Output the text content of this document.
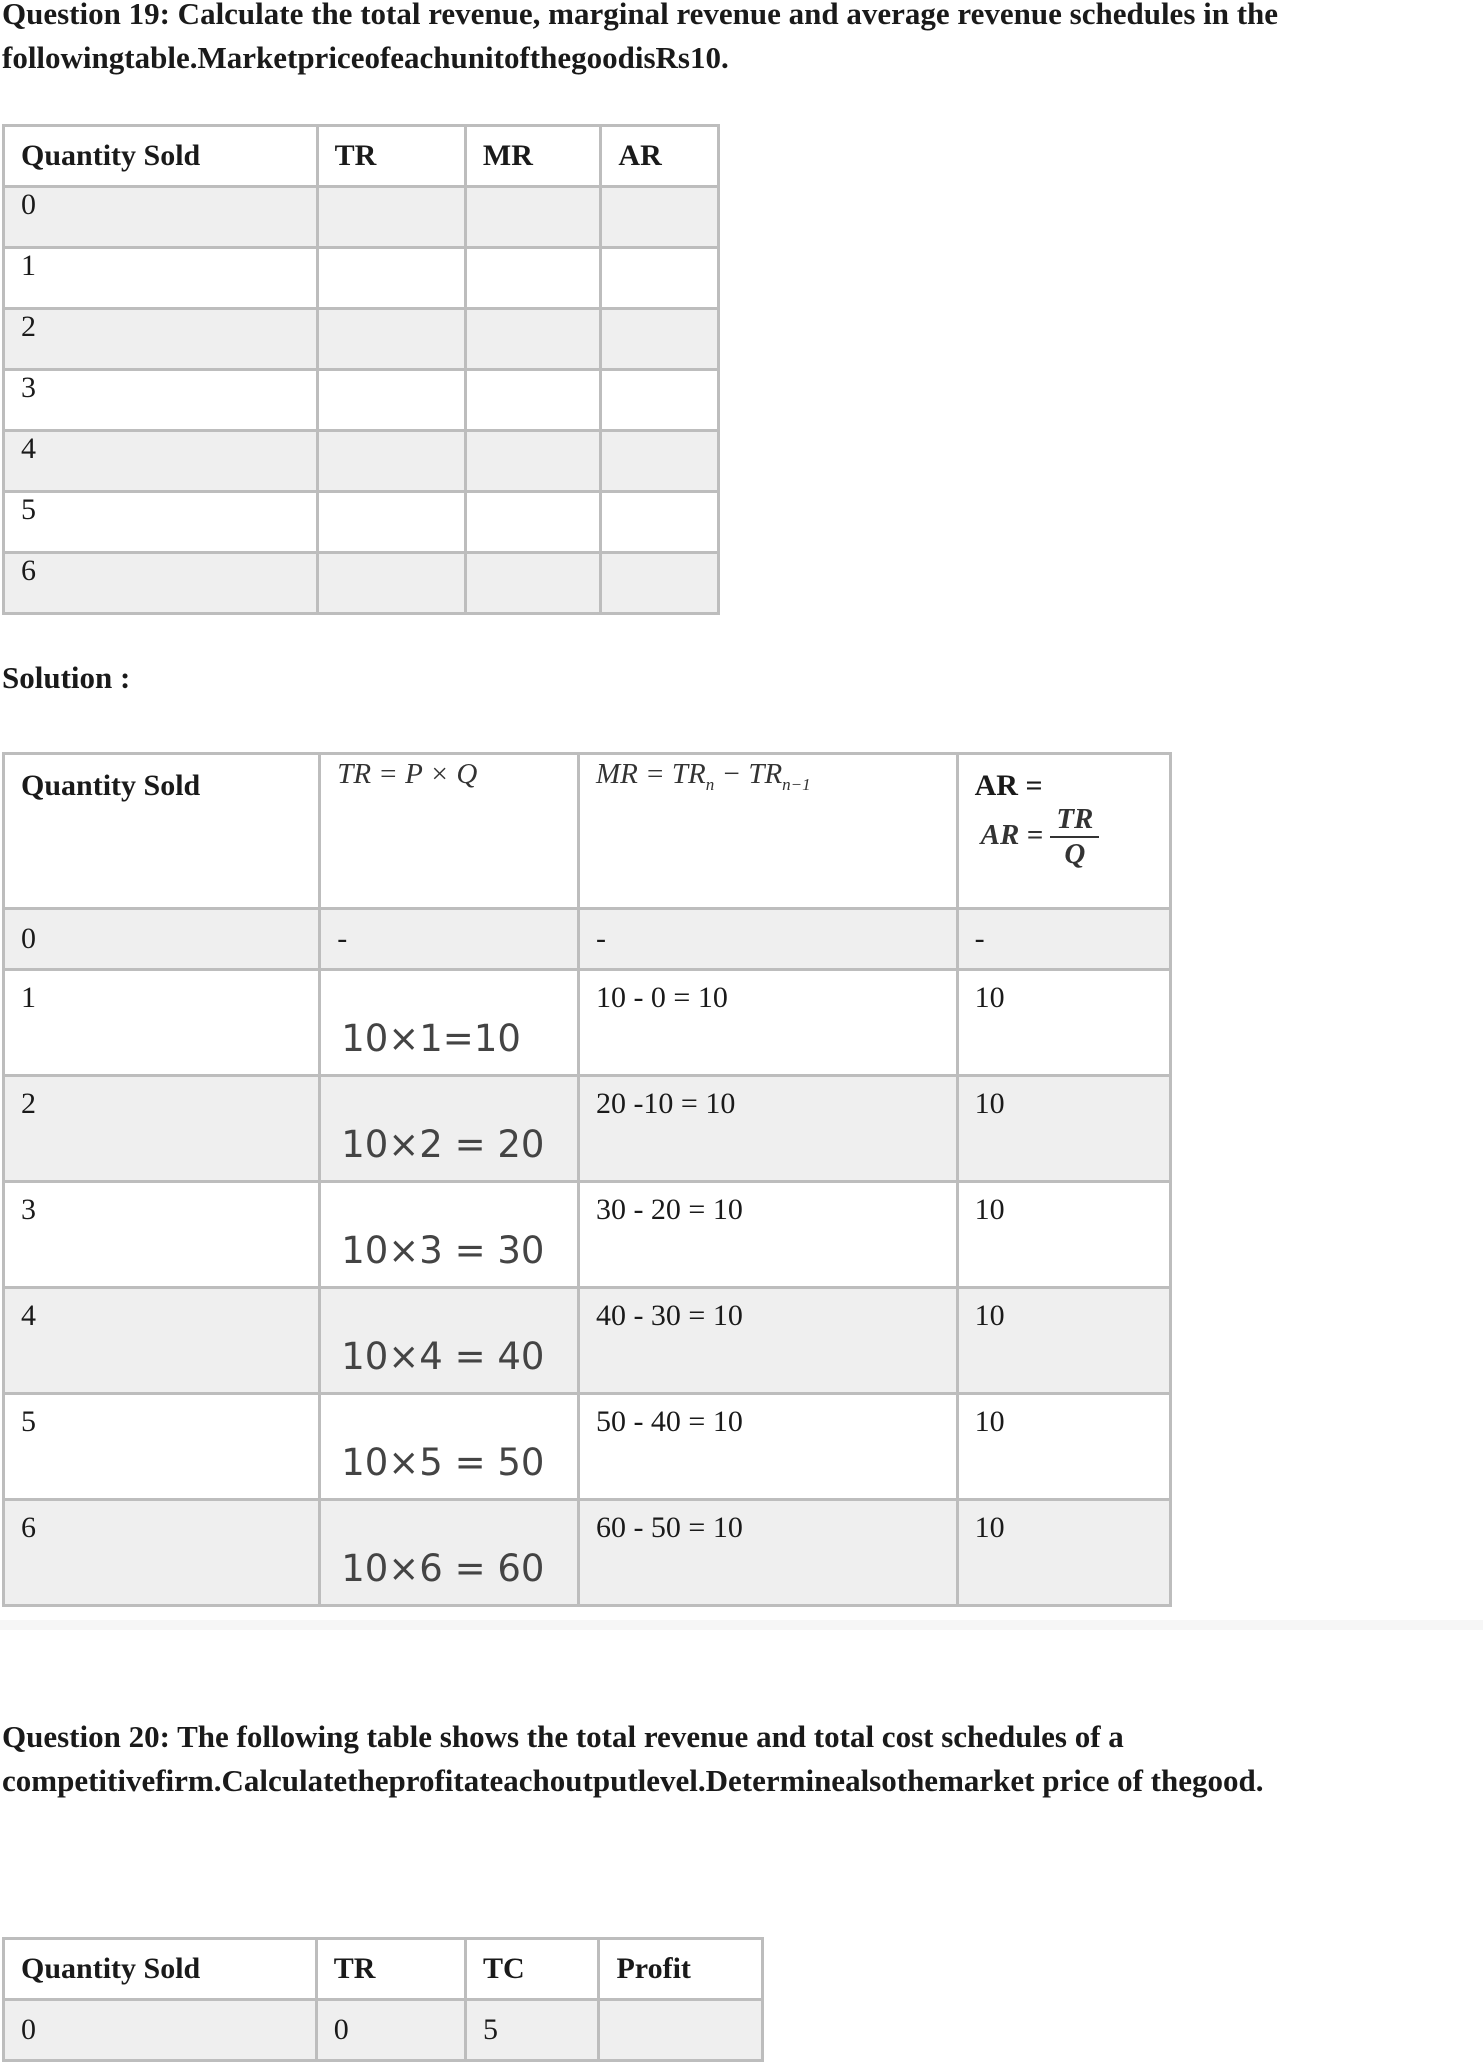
Question 19: Calculate the total revenue, marginal revenue and average revenue schedules in the
followingtable.MarketpriceofeachunitofthegoodisRs10.

Quantity Sold	TR	MR	AR
0			
1			
2			
3			
4			
5			
6			

Solution :

Quantity Sold	TR = P × Q	MR = $TR_n - TR_{n-1}$	AR =
AR = $\frac{TR}{Q}$

0	-	-	-
1	10×1=10	10 - 0 = 10	10
2	10×2 = 20	20 -10 = 10	10
3	10×3 = 30	30 - 20 = 10	10
4	10×4 = 40	40 - 30 = 10	10
5	10×5 = 50	50 - 40 = 10	10
6	10×6 = 60	60 - 50 = 10	10

Question 20: The following table shows the total revenue and total cost schedules of a
competitivefirm.Calculatetheprofitateachoutputlevel.Determinealsothemarket price of thegood.

Quantity Sold	TR	TC	Profit
0	0	5	
